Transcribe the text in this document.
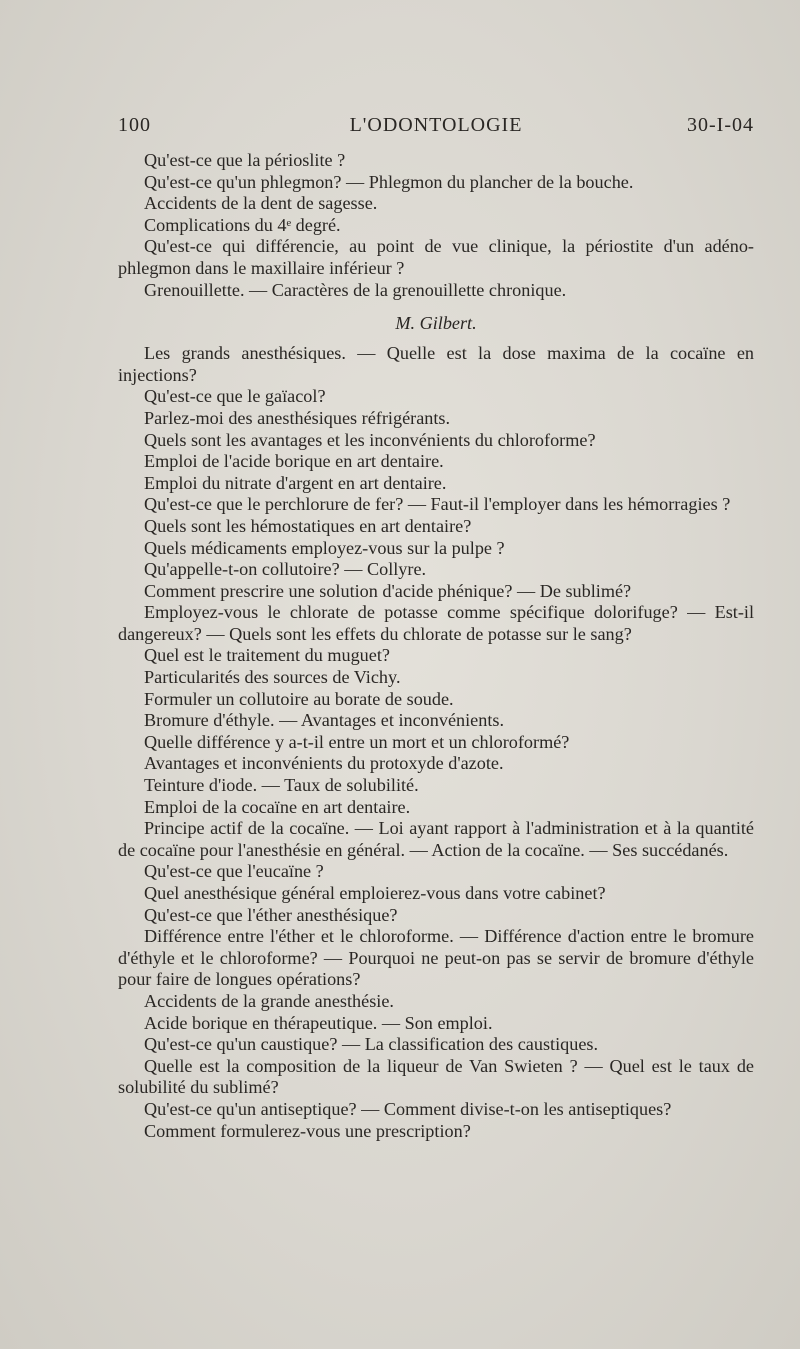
100	L'ODONTOLOGIE	30-I-04

Qu'est-ce que la périoslite ?

Qu'est-ce qu'un phlegmon? — Phlegmon du plancher de la bouche.

Accidents de la dent de sagesse.

Complications du 4ᵉ degré.

Qu'est-ce qui différencie, au point de vue clinique, la périostite d'un adéno-phlegmon dans le maxillaire inférieur ?

Grenouillette. — Caractères de la grenouillette chronique.

M. Gilbert.

Les grands anesthésiques. — Quelle est la dose maxima de la cocaïne en injections?

Qu'est-ce que le gaïacol?

Parlez-moi des anesthésiques réfrigérants.

Quels sont les avantages et les inconvénients du chloroforme?

Emploi de l'acide borique en art dentaire.

Emploi du nitrate d'argent en art dentaire.

Qu'est-ce que le perchlorure de fer? — Faut-il l'employer dans les hémorragies ?

Quels sont les hémostatiques en art dentaire?

Quels médicaments employez-vous sur la pulpe ?

Qu'appelle-t-on collutoire? — Collyre.

Comment prescrire une solution d'acide phénique? — De sublimé?

Employez-vous le chlorate de potasse comme spécifique dolorifuge? — Est-il dangereux? — Quels sont les effets du chlorate de potasse sur le sang?

Quel est le traitement du muguet?

Particularités des sources de Vichy.

Formuler un collutoire au borate de soude.

Bromure d'éthyle. — Avantages et inconvénients.

Quelle différence y a-t-il entre un mort et un chloroformé?

Avantages et inconvénients du protoxyde d'azote.

Teinture d'iode. — Taux de solubilité.

Emploi de la cocaïne en art dentaire.

Principe actif de la cocaïne. — Loi ayant rapport à l'administration et à la quantité de cocaïne pour l'anesthésie en général. — Action de la cocaïne. — Ses succédanés.

Qu'est-ce que l'eucaïne ?

Quel anesthésique général emploierez-vous dans votre cabinet?

Qu'est-ce que l'éther anesthésique?

Différence entre l'éther et le chloroforme. — Différence d'action entre le bromure d'éthyle et le chloroforme? — Pourquoi ne peut-on pas se servir de bromure d'éthyle pour faire de longues opérations?

Accidents de la grande anesthésie.

Acide borique en thérapeutique. — Son emploi.

Qu'est-ce qu'un caustique? — La classification des caustiques.

Quelle est la composition de la liqueur de Van Swieten ? — Quel est le taux de solubilité du sublimé?

Qu'est-ce qu'un antiseptique? — Comment divise-t-on les antiseptiques?

Comment formulerez-vous une prescription?
